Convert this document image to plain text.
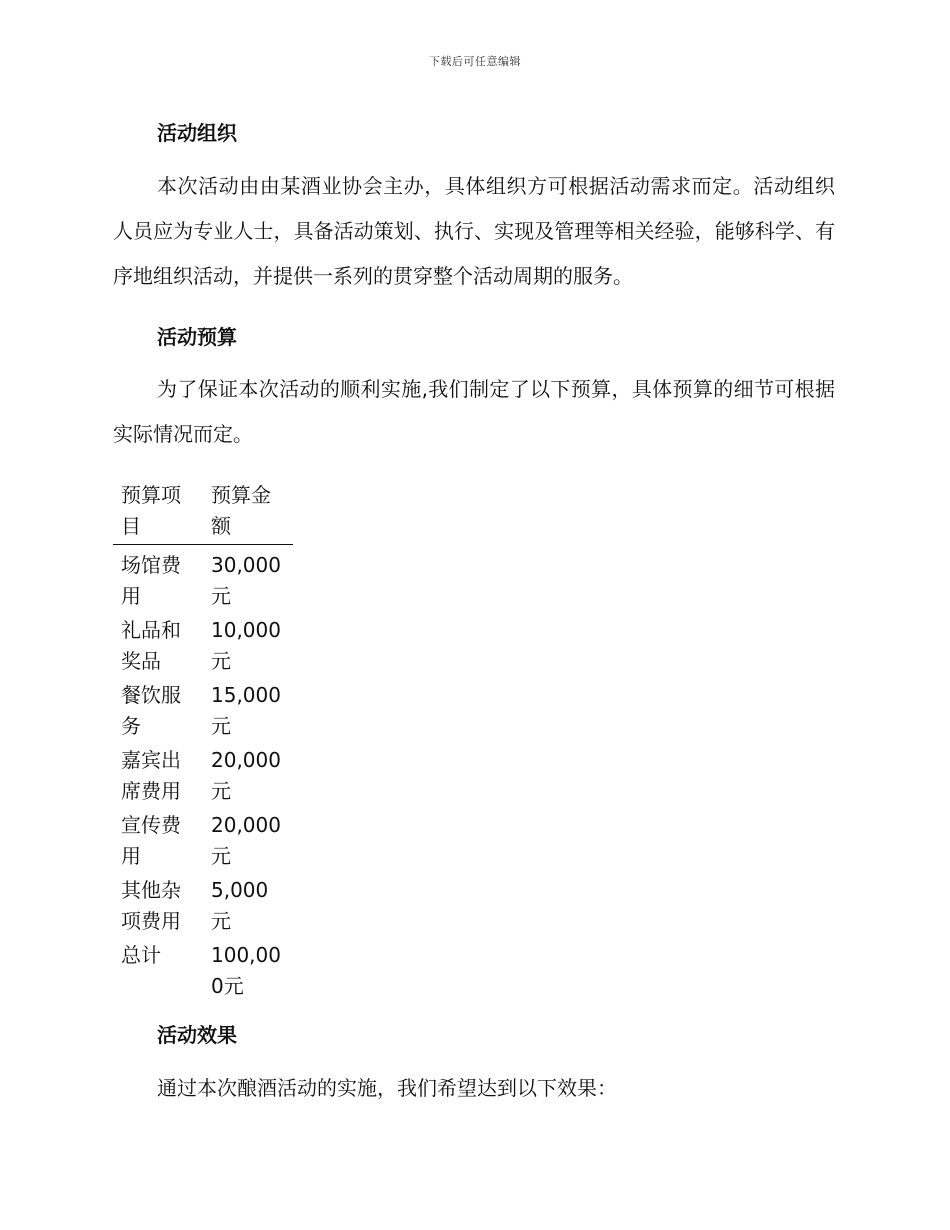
下载后可任意编辑
活动组织

本次活动由由某酒业协会主办，具体组织方可根据活动需求而定。活动组织人员应为专业人士，具备活动策划、执行、实现及管理等相关经验，能够科学、有序地组织活动，并提供一系列的贯穿整个活动周期的服务。

活动预算

为了保证本次活动的顺利实施,我们制定了以下预算，具体预算的细节可根据实际情况而定。

预算项目	预算金额

场馆费用	30,000元

礼品和奖品	10,000元

餐饮服务	15,000元

嘉宾出席费用	20,000元

宣传费用	20,000元

其他杂项费用	5,000元

总计	100,000元
活动效果

通过本次酿酒活动的实施，我们希望达到以下效果：
